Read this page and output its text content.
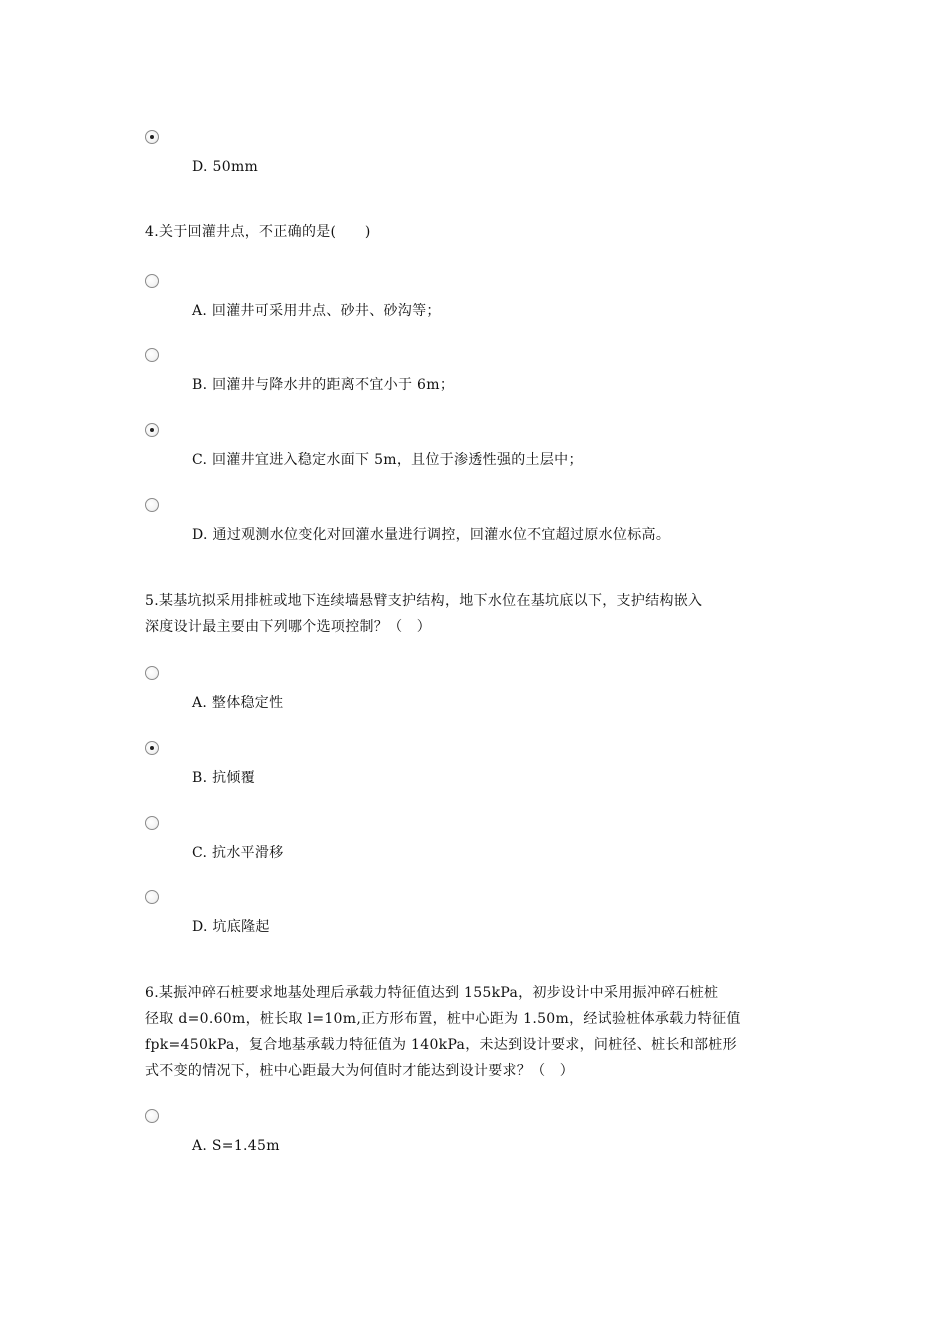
D. 50mm
4.关于回灌井点，不正确的是(　　)
A. 回灌井可采用井点、砂井、砂沟等；
B. 回灌井与降水井的距离不宜小于 6m；
C. 回灌井宜进入稳定水面下 5m，且位于渗透性强的土层中；
D. 通过观测水位变化对回灌水量进行调控，回灌水位不宜超过原水位标高。
5.某基坑拟采用排桩或地下连续墙悬臂支护结构，地下水位在基坑底以下，支护结构嵌入
深度设计最主要由下列哪个选项控制？（　）
A. 整体稳定性
B. 抗倾覆
C. 抗水平滑移
D. 坑底隆起
6.某振冲碎石桩要求地基处理后承载力特征值达到 155kPa，初步设计中采用振冲碎石桩桩
径取 d=0.60m，桩长取 l=10m,正方形布置，桩中心距为 1.50m，经试验桩体承载力特征值
fpk=450kPa，复合地基承载力特征值为 140kPa，未达到设计要求，问桩径、桩长和部桩形
式不变的情况下，桩中心距最大为何值时才能达到设计要求？（　）
A. S=1.45m
